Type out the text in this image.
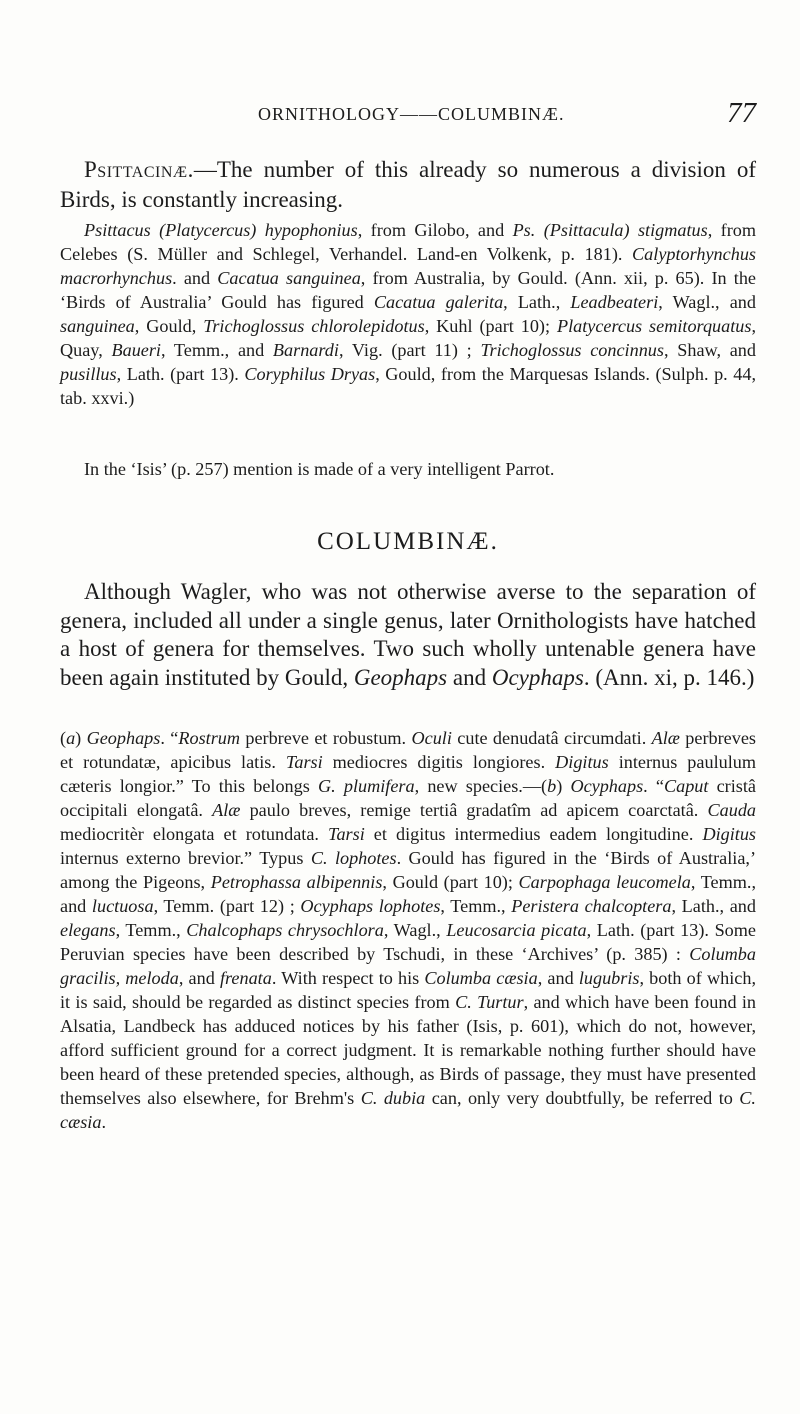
ORNITHOLOGY——COLUMBINÆ.	77

Psittacinæ.—The number of this already so numerous a division of Birds, is constantly increasing.

Psittacus (Platycercus) hypophonius, from Gilobo, and Ps. (Psittacula) stigmatus, from Celebes (S. Müller and Schlegel, Verhandel. Land-en Volkenk, p. 181). Calyptorhynchus macrorhynchus. and Cacatua sanguinea, from Australia, by Gould. (Ann. xii, p. 65). In the ‘Birds of Australia’ Gould has figured Cacatua galerita, Lath., Leadbeateri, Wagl., and sanguinea, Gould, Trichoglossus chlorolepidotus, Kuhl (part 10); Platycercus semitorquatus, Quay, Baueri, Temm., and Barnardi, Vig. (part 11) ; Trichoglossus concinnus, Shaw, and pusillus, Lath. (part 13). Coryphilus Dryas, Gould, from the Marquesas Islands. (Sulph. p. 44, tab. xxvi.)

In the ‘Isis’ (p. 257) mention is made of a very intelligent Parrot.

COLUMBINÆ.

Although Wagler, who was not otherwise averse to the separation of genera, included all under a single genus, later Ornithologists have hatched a host of genera for themselves. Two such wholly untenable genera have been again instituted by Gould, Geophaps and Ocyphaps. (Ann. xi, p. 146.)

(a) Geophaps. “Rostrum perbreve et robustum. Oculi cute denudatâ circumdati. Alæ perbreves et rotundatæ, apicibus latis. Tarsi mediocres digitis longiores. Digitus internus paululum cæteris longior.” To this belongs G. plumifera, new species.—(b) Ocyphaps. “Caput cristâ occipitali elongatâ. Alæ paulo breves, remige tertiâ gradatîm ad apicem coarctatâ. Cauda mediocritèr elongata et rotundata. Tarsi et digitus intermedius eadem longitudine. Digitus internus externo brevior.” Typus C. lophotes. Gould has figured in the ‘Birds of Australia,’ among the Pigeons, Petrophassa albipennis, Gould (part 10); Carpophaga leucomela, Temm., and luctuosa, Temm. (part 12) ; Ocyphaps lophotes, Temm., Peristera chalcoptera, Lath., and elegans, Temm., Chalcophaps chrysochlora, Wagl., Leucosarcia picata, Lath. (part 13). Some Peruvian species have been described by Tschudi, in these ‘Archives’ (p. 385) : Columba gracilis, meloda, and frenata. With respect to his Columba cæsia, and lugubris, both of which, it is said, should be regarded as distinct species from C. Turtur, and which have been found in Alsatia, Landbeck has adduced notices by his father (Isis, p. 601), which do not, however, afford sufficient ground for a correct judgment. It is remarkable nothing further should have been heard of these pretended species, although, as Birds of passage, they must have presented themselves also elsewhere, for Brehm's C. dubia can, only very doubtfully, be referred to C. cæsia.
